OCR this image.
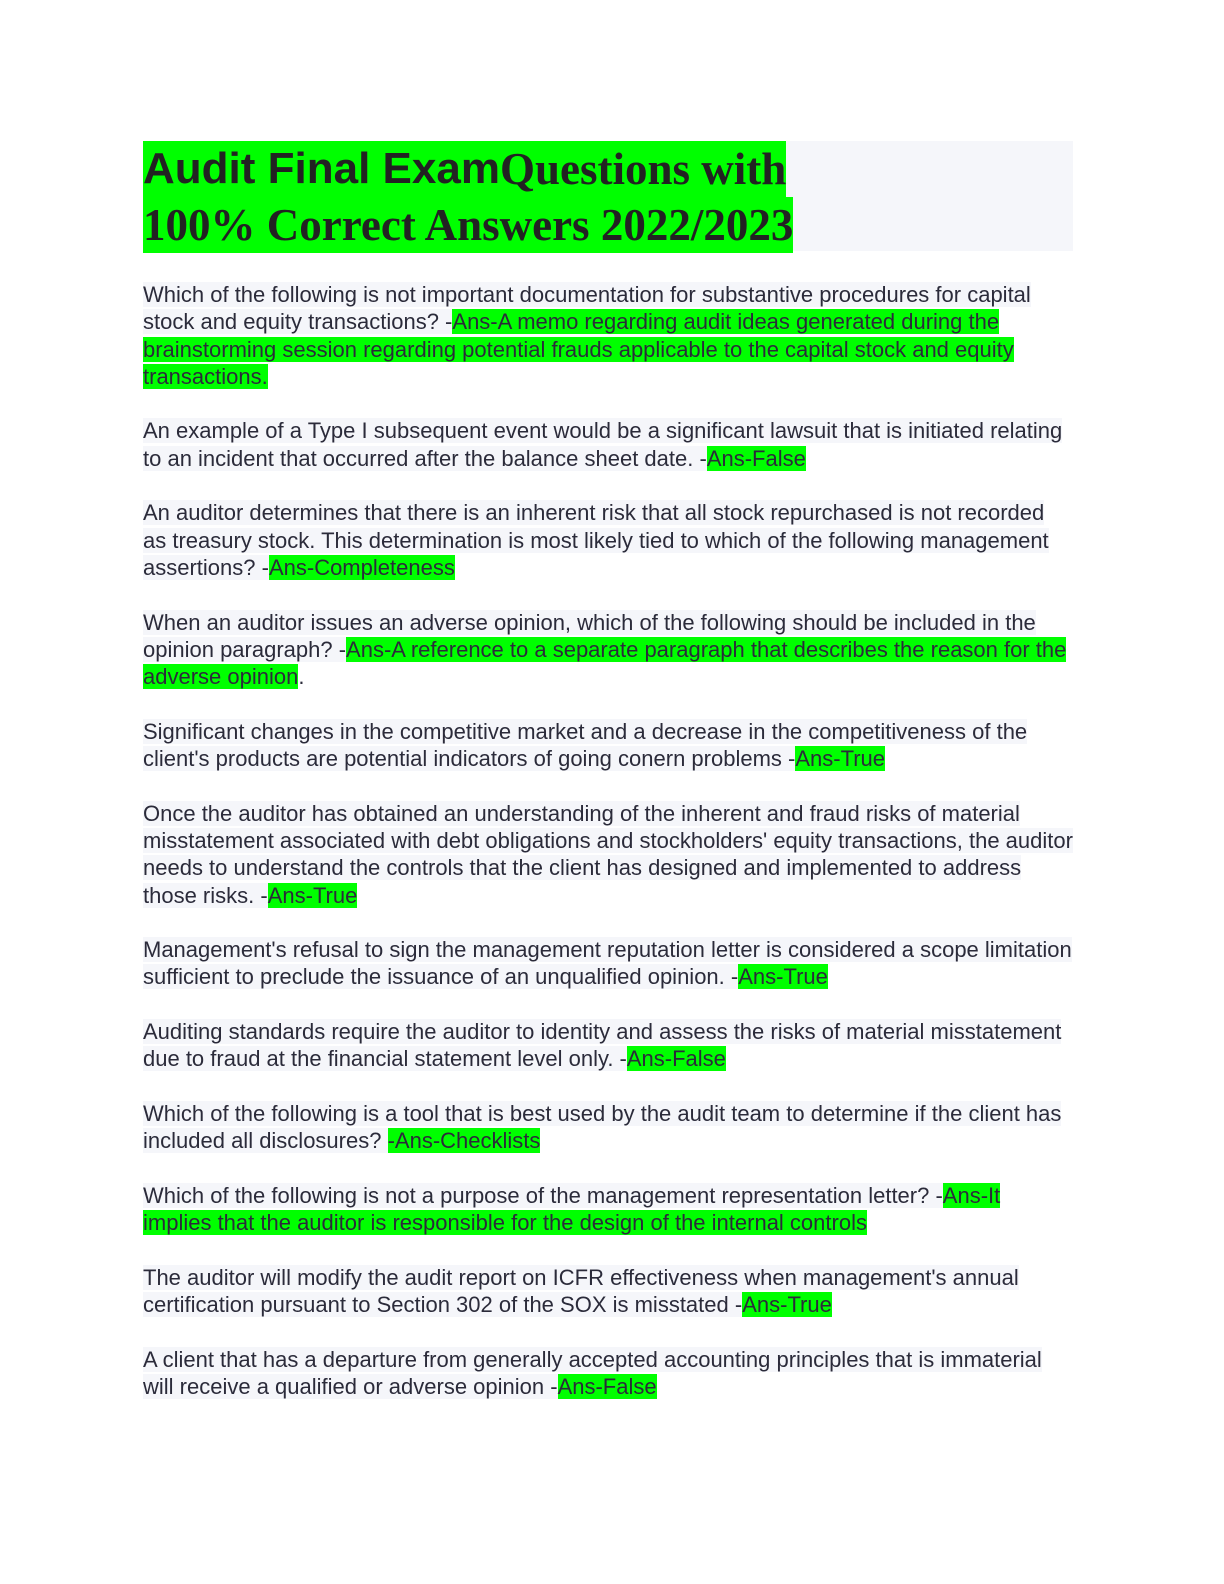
Audit Final ExamQuestions with
100% Correct Answers 2022/2023

Which of the following is not important documentation for substantive procedures for capital stock and equity transactions? -Ans-A memo regarding audit ideas generated during the brainstorming session regarding potential frauds applicable to the capital stock and equity transactions.

An example of a Type I subsequent event would be a significant lawsuit that is initiated relating to an incident that occurred after the balance sheet date. -Ans-False

An auditor determines that there is an inherent risk that all stock repurchased is not recorded as treasury stock. This determination is most likely tied to which of the following management assertions? -Ans-Completeness

When an auditor issues an adverse opinion, which of the following should be included in the opinion paragraph? -Ans-A reference to a separate paragraph that describes the reason for the adverse opinion.

Significant changes in the competitive market and a decrease in the competitiveness of the client's products are potential indicators of going conern problems -Ans-True

Once the auditor has obtained an understanding of the inherent and fraud risks of material misstatement associated with debt obligations and stockholders' equity transactions, the auditor needs to understand the controls that the client has designed and implemented to address those risks. -Ans-True

Management's refusal to sign the management reputation letter is considered a scope limitation sufficient to preclude the issuance of an unqualified opinion. -Ans-True

Auditing standards require the auditor to identity and assess the risks of material misstatement due to fraud at the financial statement level only. -Ans-False

Which of the following is a tool that is best used by the audit team to determine if the client has included all disclosures? -Ans-Checklists

Which of the following is not a purpose of the management representation letter? -Ans-It implies that the auditor is responsible for the design of the internal controls

The auditor will modify the audit report on ICFR effectiveness when management's annual certification pursuant to Section 302 of the SOX is misstated -Ans-True

A client that has a departure from generally accepted accounting principles that is immaterial will receive a qualified or adverse opinion -Ans-False
